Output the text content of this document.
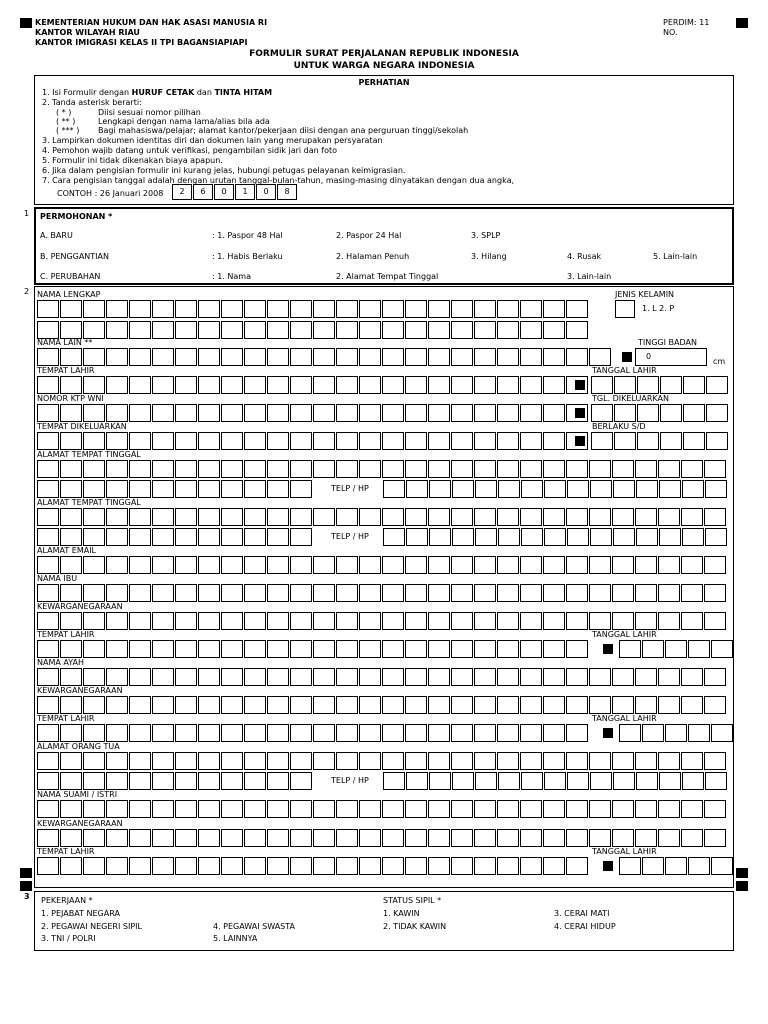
KEMENTERIAN HUKUM DAN HAK ASASI MANUSIA RI
KANTOR WILAYAH RIAU
KANTOR IMIGRASI KELAS II TPI BAGANSIAPIAPI
PERDIM: 11
NO.
FORMULIR SURAT PERJALANAN REPUBLIK INDONESIA
UNTUK WARGA NEGARA INDONESIA
PERHATIAN
1. Isi Formulir dengan HURUF CETAK dan TINTA HITAM
2. Tanda asterisk berarti:
( * )	Diisi sesuai nomor pilihan
( ** )	Lengkapi dengan nama lama/alias bila ada
( *** ) Bagi mahasiswa/pelajar; alamat kantor/pekerjaan diisi dengan ana perguruan tinggi/sekolah
3. Lampirkan dokumen identitas diri dan dokumen lain yang merupakan persyaratan
4. Pemohon wajib datang untuk verifikasi, pengambilan sidik jari dan foto
5. Formulir ini tidak dikenakan biaya apapun.
6. Jika dalam pengisian formulir ini kurang jelas, hubungi petugas pelayanan keimigrasian.
7. Cara pengisian tanggal adalah dengan urutan tanggal-bulan-tahun, masing-masing dinyatakan dengan dua angka,
CONTOH : 26 Januari 2008	2 6 0 1 0 8
1
2
3
PERMOHONAN *
A. BARU	: 1. Paspor 48 Hal	2. Paspor 24 Hal	3. SPLP
B. PENGGANTIAN	: 1. Habis Berlaku	2. Halaman Penuh	3. Hilang	4. Rusak	5. Lain-lain
C. PERUBAHAN	: 1. Nama	2. Alamat Tempat Tinggal	3. Lain-lain
NAMA LENGKAP	JENIS KELAMIN
1. L 2. P
NAMA LAIN **	TINGGI BADAN
0
cm
TEMPAT LAHIR	TANGGAL LAHIR
NOMOR KTP WNI	TGL. DIKELUARKAN
TEMPAT DIKELUARKAN	BERLAKU S/D
ALAMAT TEMPAT TINGGAL
TELP / HP
ALAMAT TEMPAT TINGGAL
TELP / HP
ALAMAT EMAIL
NAMA IBU
KEWARGANEGARAAN
TEMPAT LAHIR	TANGGAL LAHIR
NAMA AYAH
KEWARGANEGARAAN
TEMPAT LAHIR	TANGGAL LAHIR
ALAMAT ORANG TUA
TELP / HP
NAMA SUAMI / ISTRI
KEWARGANEGARAAN
TEMPAT LAHIR	TANGGAL LAHIR
PEKERJAAN *
1. PEJABAT NEGARA
2. PEGAWAI NEGERI SIPIL
3. TNI / POLRI
4. PEGAWAI SWASTA
5. LAINNYA
STATUS SIPIL *
1. KAWIN
2. TIDAK KAWIN
3. CERAI MATI
4. CERAI HIDUP
